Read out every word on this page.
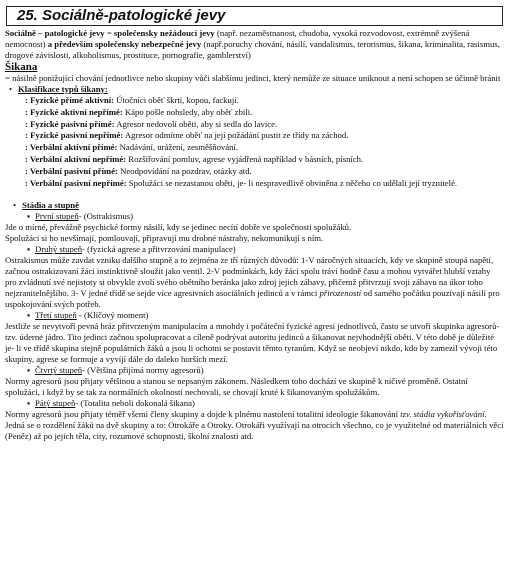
25. Sociálně-patologické jevy

Sociálně – patologické jevy = společensky nežádoucí jevy (např. nezaměstnanost, chudoba, vysoká rozvodovost, extrémně zvýšená nemocnost) a především společensky nebezpečné jevy (např.poruchy chování, násilí, vandalismus, terorismus, šikana, kriminalita, rasismus, drogové závislosti, alkoholismus, prostituce, pornografie, gamblerství)

Šikana

= násilně ponižující chování jednotlivce nebo skupiny vůči slabšímu jedinci, který nemůže ze situace uniknout a není schopen se účinně bránit

• Klasifikace typů šikany:

: Fyzické přímé aktivní: Útočníci oběť škrtí, kopou, fackují.

: Fyzické aktivní nepřímé: Kápo pošle nohsledy, aby oběť zbili.

: Fyzické pasivní přímé: Agresor nedovolí oběti, aby si sedla do lavice.

: Fyzické pasivní nepřímé: Agresor odmítne oběť na její požádání pustit ze třídy na záchod.

: Verbální aktivní přímé: Nadávání, urážení, zesměšňování.

: Verbální aktivní nepřímé: Rozšiřování pomluv, agrese vyjádřená například v básních, písních.

: Verbální pasivní přímé: Neodpovídání na pozdrav, otázky atd.

: Verbální pasivní nepřímé: Spolužáci se nezastanou oběti, je- li nespravedlivě obviněna z něčeho co udělali její tryznitelé.

• Stádia a stupně

▪ První stupeň- (Ostrakismus)

Jde o mírné, převážně psychické formy násilí, kdy se jedinec necítí dobře ve společnosti spolužáků. Spolužáci si ho nevšímají, pomlouvají, připravují mu drobné nástrahy, nekomunikují s ním.

▪ Druhý stupeň- (fyzická agrese a přitvrzování manipulace)

Ostrakismus může zavdat vzniku dalšího stupně a to zejména ze tří různých důvodů: 1-V náročných situacích, kdy ve skupině stoupá napětí, začnou ostrakizovaní žáci instinktivně sloužit jako ventil. 2-V podmínkách, kdy žáci spolu tráví hodně času a mohou vytvářet hlubší vztahy pro zvládnutí své nejistoty si obvykle zvolí svého obětního beránka jako zdroj jejich zábavy, přičemž přitvrzují svoji zábavu na úkor toho nejzranitelnějšího. 3- V jedné třídě se sejde více agresivních asociálních jedinců a v rámci přirozeností od samého počátku pouzívají násilí pro uspokojování svých potřeb.

▪ Třetí stupeň - (Klíčový moment)

Jestliže se nevytvoří pevná hráz přitvrzeným manipulacím a mnohdy i počáteční fyzické agresi jednotlivců, často se utvoří skupinka agresorů- tzv. údernė jádro. Tito jedinci začnou spolupracovat a cíleně podrývat autoritu jedinců a šikanovat nejvhodnější oběti. V této době je důležité je- li ve třídě skupina stejně populárních žáků a jsou li ochotni se postavit těmto tyranům. Když se neobjeví nikdo, kdo by zamezil vývoji této skupiny, agrese se formuje a vyvíjí dále do daleko horších mezí.

▪ Čtvrtý stupeň- (Většina přijímá normy agresorů)

Normy agresorů jsou přijaty většinou a stanou se nepsaným zákonem. Následkem toho dochází ve skupině k ničivé proměně. Ostatní spolužáci, i když by se tak za normálních okolností nechovali, se chovají kruté k šikanovaným spolužákům.

▪ Pátý stupeň- (Totalita neboli dokonalá šikana)

Normy agresorů jsou přijaty téměř všemi členy skupiny a dojde k plnému nastolení totalitní ideologie šikanování tzv. stádia vykořisťování. Jedná se o rozdělení žáků na dvě skupiny a to: Otrokáře a Otroky. Otrokáři využívají na otrocích všechno, co je využitelné od materiálních věcí (Peněz) až po jejich těla, city, rozumové schopnosti, školní znalosti atd.
